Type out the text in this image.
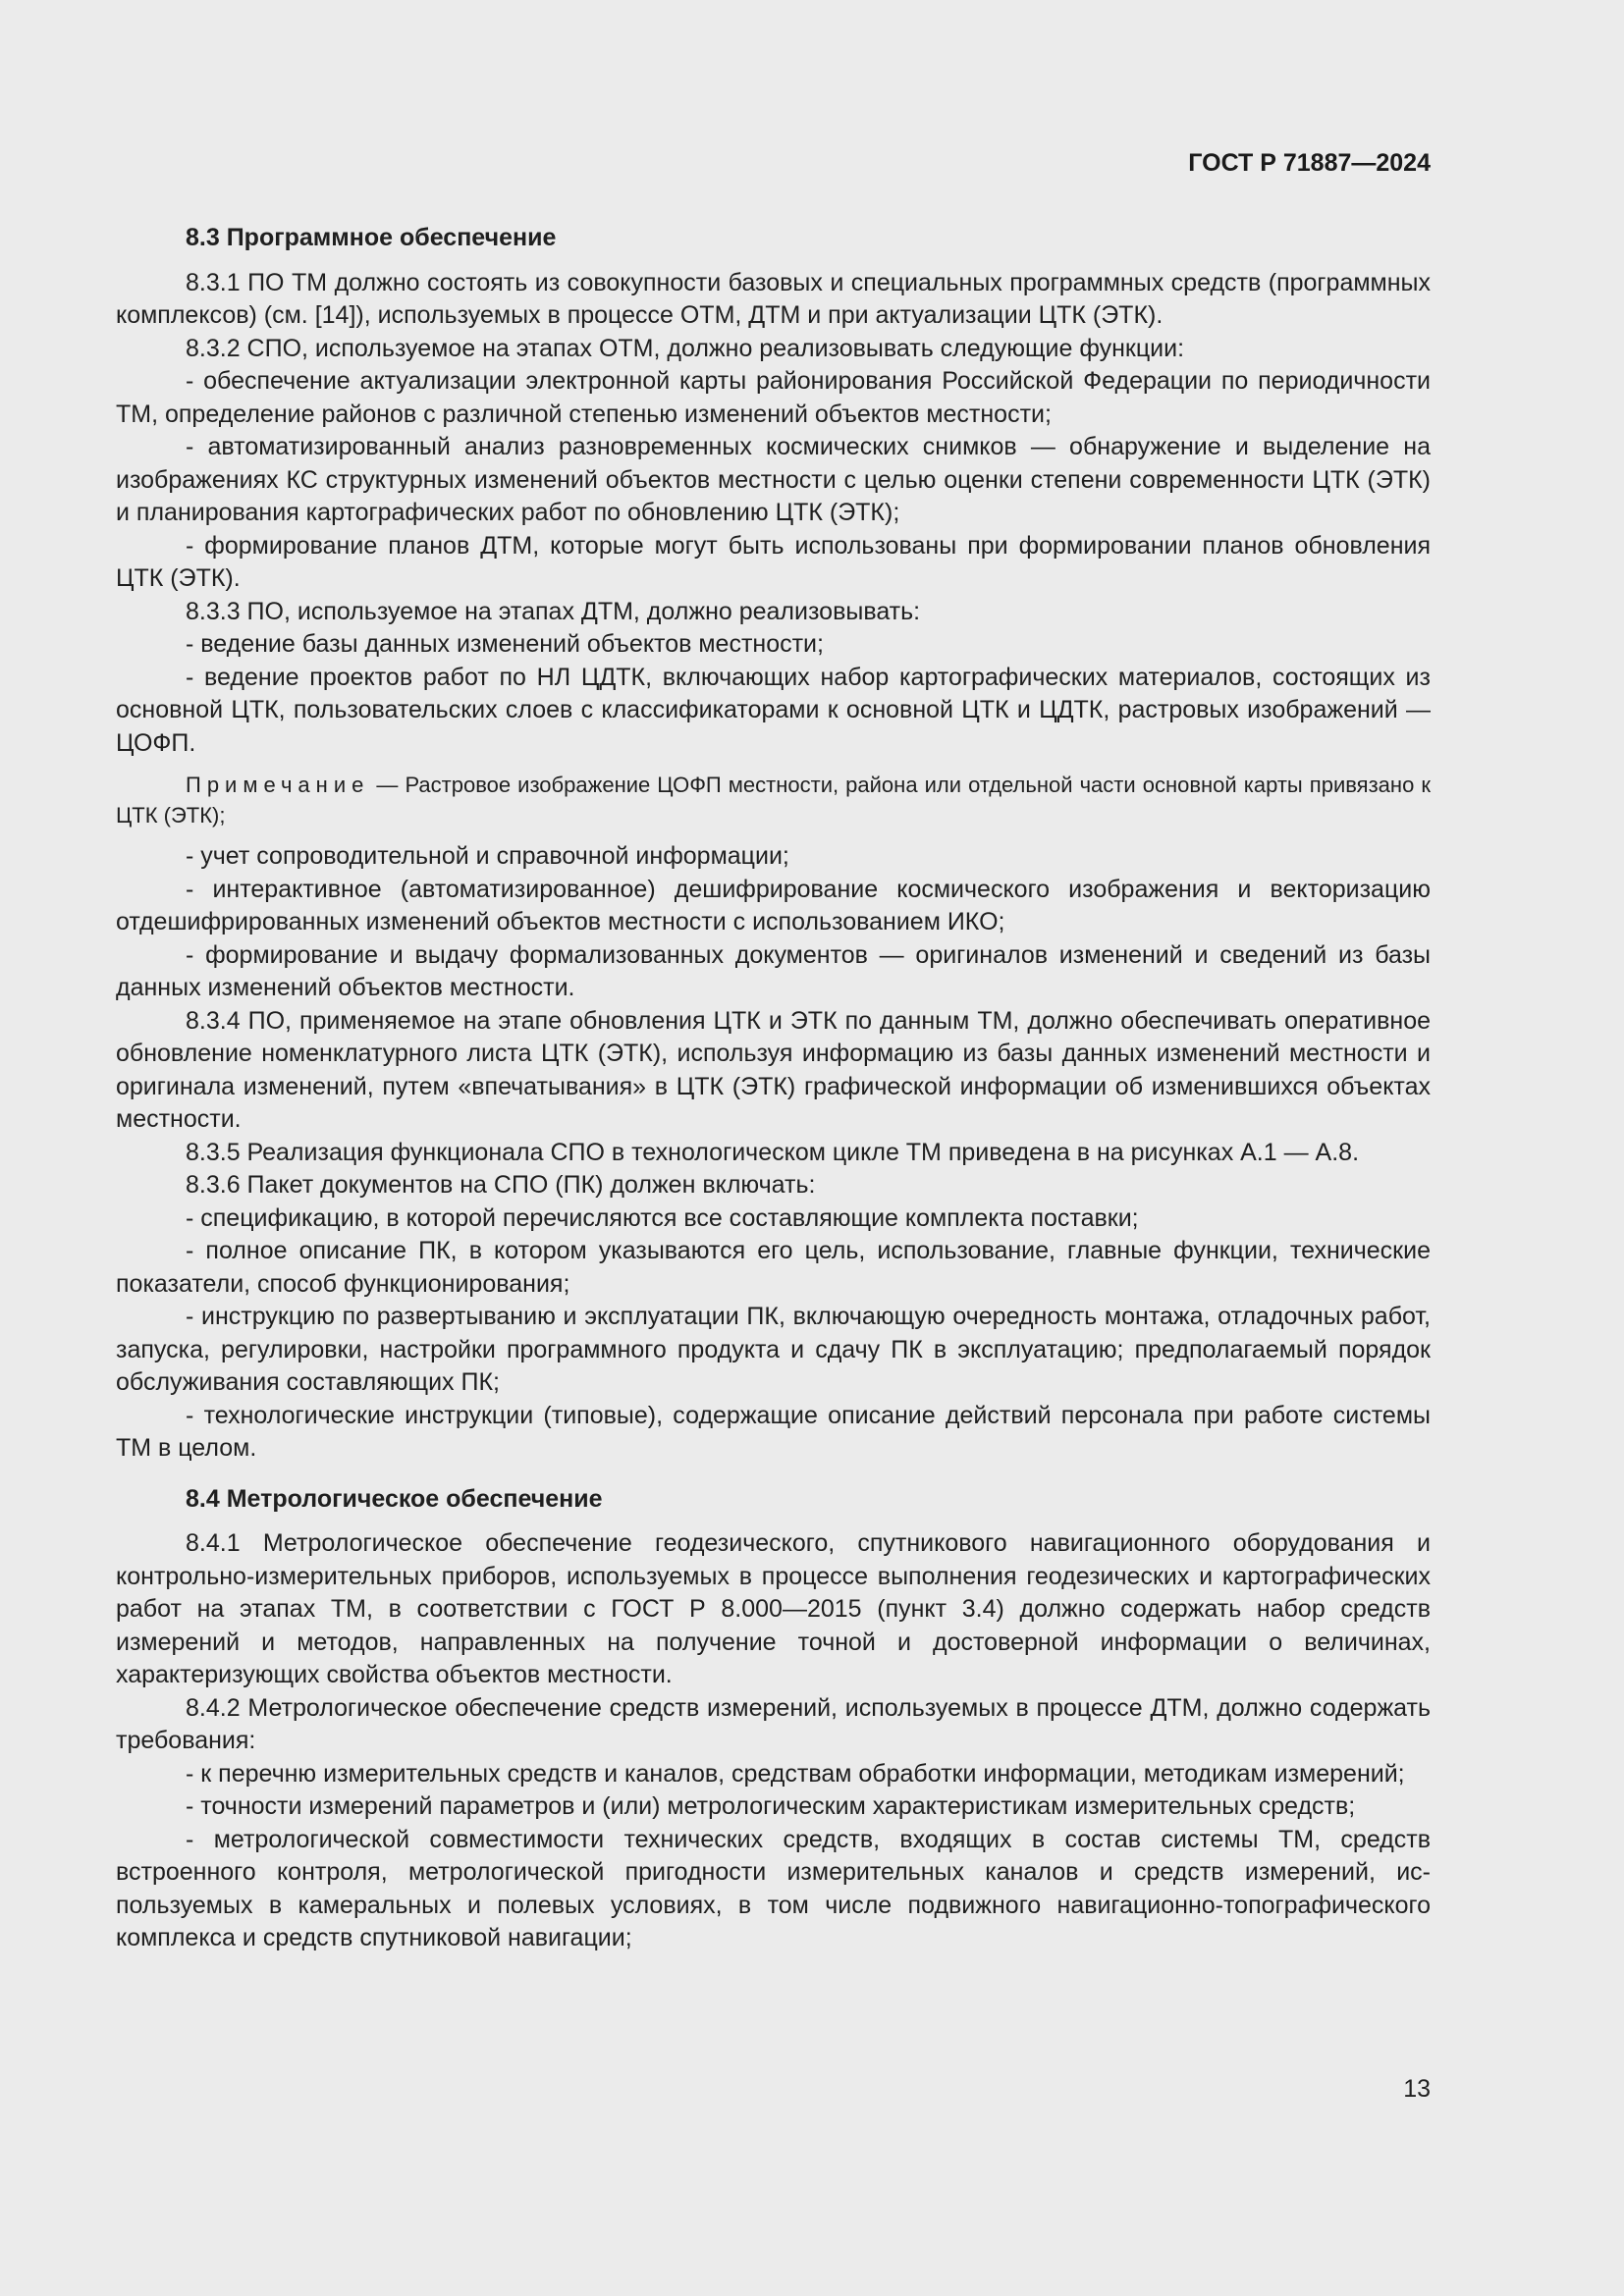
ГОСТ Р 71887—2024
8.3 Программное обеспечение
8.3.1 ПО ТМ должно состоять из совокупности базовых и специальных программных средств (программных комплексов) (см. [14]), используемых в процессе ОТМ, ДТМ и при актуализации ЦТК (ЭТК).
8.3.2 СПО, используемое на этапах ОТМ, должно реализовывать следующие функции:
- обеспечение актуализации электронной карты районирования Российской Федерации по периодичности ТМ, определение районов с различной степенью изменений объектов местности;
- автоматизированный анализ разновременных космических снимков — обнаружение и выделение на изображениях КС структурных изменений объектов местности с целью оценки степени современности ЦТК (ЭТК) и планирования картографических работ по обновлению ЦТК (ЭТК);
- формирование планов ДТМ, которые могут быть использованы при формировании планов обновления ЦТК (ЭТК).
8.3.3 ПО, используемое на этапах ДТМ, должно реализовывать:
- ведение базы данных изменений объектов местности;
- ведение проектов работ по НЛ ЦДТК, включающих набор картографических материалов, состоящих из основной ЦТК, пользовательских слоев с классификаторами к основной ЦТК и ЦДТК, растровых изображений — ЦОФП.
Примечание — Растровое изображение ЦОФП местности, района или отдельной части основной карты привязано к ЦТК (ЭТК);
- учет сопроводительной и справочной информации;
- интерактивное (автоматизированное) дешифрирование космического изображения и векторизацию отдешифрированных изменений объектов местности с использованием ИКО;
- формирование и выдачу формализованных документов — оригиналов изменений и сведений из базы данных изменений объектов местности.
8.3.4 ПО, применяемое на этапе обновления ЦТК и ЭТК по данным ТМ, должно обеспечивать оперативное обновление номенклатурного листа ЦТК (ЭТК), используя информацию из базы данных изменений местности и оригинала изменений, путем «впечатывания» в ЦТК (ЭТК) графической информации об изменившихся объектах местности.
8.3.5 Реализация функционала СПО в технологическом цикле ТМ приведена в на рисунках А.1 — А.8.
8.3.6 Пакет документов на СПО (ПК) должен включать:
- спецификацию, в которой перечисляются все составляющие комплекта поставки;
- полное описание ПК, в котором указываются его цель, использование, главные функции, технические показатели, способ функционирования;
- инструкцию по развертыванию и эксплуатации ПК, включающую очередность монтажа, отладочных работ, запуска, регулировки, настройки программного продукта и сдачу ПК в эксплуатацию; предполагаемый порядок обслуживания составляющих ПК;
- технологические инструкции (типовые), содержащие описание действий персонала при работе системы ТМ в целом.
8.4 Метрологическое обеспечение
8.4.1 Метрологическое обеспечение геодезического, спутникового навигационного оборудования и контрольно-измерительных приборов, используемых в процессе выполнения геодезических и картографических работ на этапах ТМ, в соответствии с ГОСТ Р 8.000—2015 (пункт 3.4) должно содержать набор средств измерений и методов, направленных на получение точной и достоверной информации о величинах, характеризующих свойства объектов местности.
8.4.2 Метрологическое обеспечение средств измерений, используемых в процессе ДТМ, должно содержать требования:
- к перечню измерительных средств и каналов, средствам обработки информации, методикам измерений;
- точности измерений параметров и (или) метрологическим характеристикам измерительных средств;
- метрологической совместимости технических средств, входящих в состав системы ТМ, средств встроенного контроля, метрологической пригодности измерительных каналов и средств измерений, используемых в камеральных и полевых условиях, в том числе подвижного навигационно-топографического комплекса и средств спутниковой навигации;
13
